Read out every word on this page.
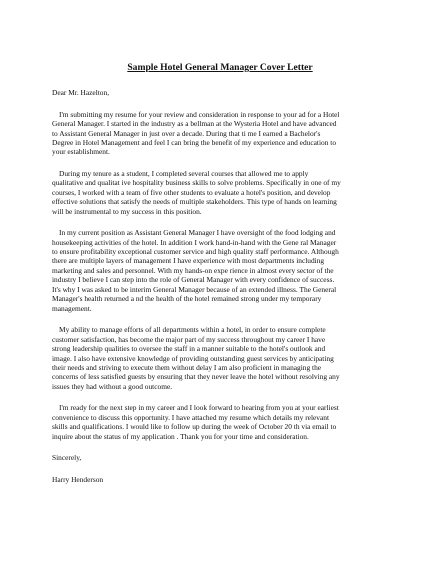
Sample Hotel General Manager Cover Letter
Dear Mr. Hazelton,
I'm submitting my resume for your review and consideration in response to your ad for a Hotel
General Manager. I started in the industry as a bellman at the Wysteria Hotel and have advanced
to Assistant General Manager in just over a decade. During that ti me I earned a Bachelor's
Degree in Hotel Management and feel I can bring the benefit of my experience and education to
your establishment.
During my tenure as a student, I completed several courses that allowed me to apply
qualitative and qualitat ive hospitality business skills to solve problems. Specifically in one of my
courses, I worked with a team of five other students to evaluate a hotel's position, and develop
effective solutions that satisfy the needs of multiple stakeholders. This type of hands on learning
will be instrumental to my success in this position.
In my current position as Assistant General Manager I have oversight of the food lodging and
housekeeping activities of the hotel. In addition I work hand-in-hand with the Gene ral Manager
to ensure profitability exceptional customer service and high quality staff performance. Although
there are multiple layers of management I have experience with most departments including
marketing and sales and personnel. With my hands-on expe rience in almost every sector of the
industry I believe I can step into the role of General Manager with every confidence of success.
It's why I was asked to be interim General Manager because of an extended illness. The General
Manager's health returned a nd the health of the hotel remained strong under my temporary
management.
My ability to manage efforts of all departments within a hotel, in order to ensure complete
customer satisfaction, has become the major part of my success throughout my career I have
strong leadership qualities to oversee the staff in a manner suitable to the hotel's outlook and
image. I also have extensive knowledge of providing outstanding guest services by anticipating
their needs and striving to execute them without delay I am also proficient in managing the
concerns of less satisfied guests by ensuring that they never leave the hotel without resolving any
issues they had without a good outcome.
I'm ready for the next step in my career and I look forward to hearing from you at your earliest
convenience to discuss this opportunity. I have attached my resume which details my relevant
skills and qualifications. I would like to follow up during the week of October 20 th via email to
inquire about the status of my application . Thank you for your time and consideration.
Sincerely,
Harry Henderson
